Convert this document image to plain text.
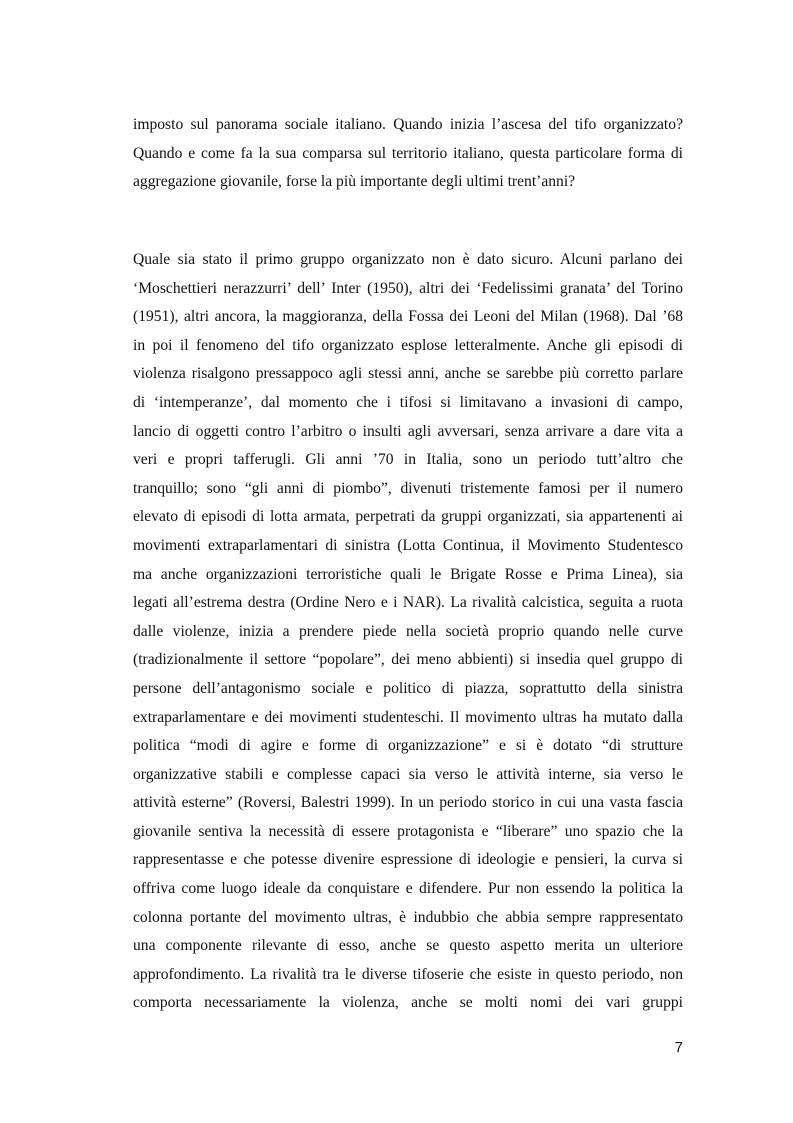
imposto sul panorama sociale italiano. Quando inizia l’ascesa del tifo organizzato?
Quando e come fa la sua comparsa sul territorio italiano, questa particolare forma di
aggregazione giovanile, forse la più importante degli ultimi trent’anni?
Quale sia stato il primo gruppo organizzato non è dato sicuro. Alcuni parlano dei
‘Moschettieri nerazzurri’ dell’ Inter (1950), altri dei ‘Fedelissimi granata’ del Torino
(1951), altri ancora, la maggioranza, della Fossa dei Leoni del Milan (1968). Dal ’68
in poi il fenomeno del tifo organizzato esplose letteralmente. Anche gli episodi di
violenza risalgono pressappoco agli stessi anni, anche se sarebbe più corretto parlare
di ‘intemperanze’, dal momento che i tifosi si limitavano a invasioni di campo,
lancio di oggetti contro l’arbitro o insulti agli avversari, senza arrivare a dare vita a
veri e propri tafferugli. Gli anni ’70 in Italia, sono un periodo tutt’altro che
tranquillo; sono “gli anni di piombo”, divenuti tristemente famosi per il numero
elevato di episodi di lotta armata, perpetrati da gruppi organizzati, sia appartenenti ai
movimenti extraparlamentari di sinistra (Lotta Continua, il Movimento Studentesco
ma anche organizzazioni terroristiche quali le Brigate Rosse e Prima Linea), sia
legati all’estrema destra (Ordine Nero e i NAR). La rivalità calcistica, seguita a ruota
dalle violenze, inizia a prendere piede nella società proprio quando nelle curve
(tradizionalmente il settore “popolare”, dei meno abbienti) si insedia quel gruppo di
persone dell’antagonismo sociale e politico di piazza, soprattutto della sinistra
extraparlamentare e dei movimenti studenteschi. Il movimento ultras ha mutato dalla
politica “modi di agire e forme di organizzazione” e si è dotato “di strutture
organizzative stabili e complesse capaci sia verso le attività interne, sia verso le
attività esterne” (Roversi, Balestri 1999). In un periodo storico in cui una vasta fascia
giovanile sentiva la necessità di essere protagonista e “liberare” uno spazio che la
rappresentasse e che potesse divenire espressione di ideologie e pensieri, la curva si
offriva come luogo ideale da conquistare e difendere. Pur non essendo la politica la
colonna portante del movimento ultras, è indubbio che abbia sempre rappresentato
una componente rilevante di esso, anche se questo aspetto merita un ulteriore
approfondimento. La rivalità tra le diverse tifoserie che esiste in questo periodo, non
comporta necessariamente la violenza, anche se molti nomi dei vari gruppi
7
